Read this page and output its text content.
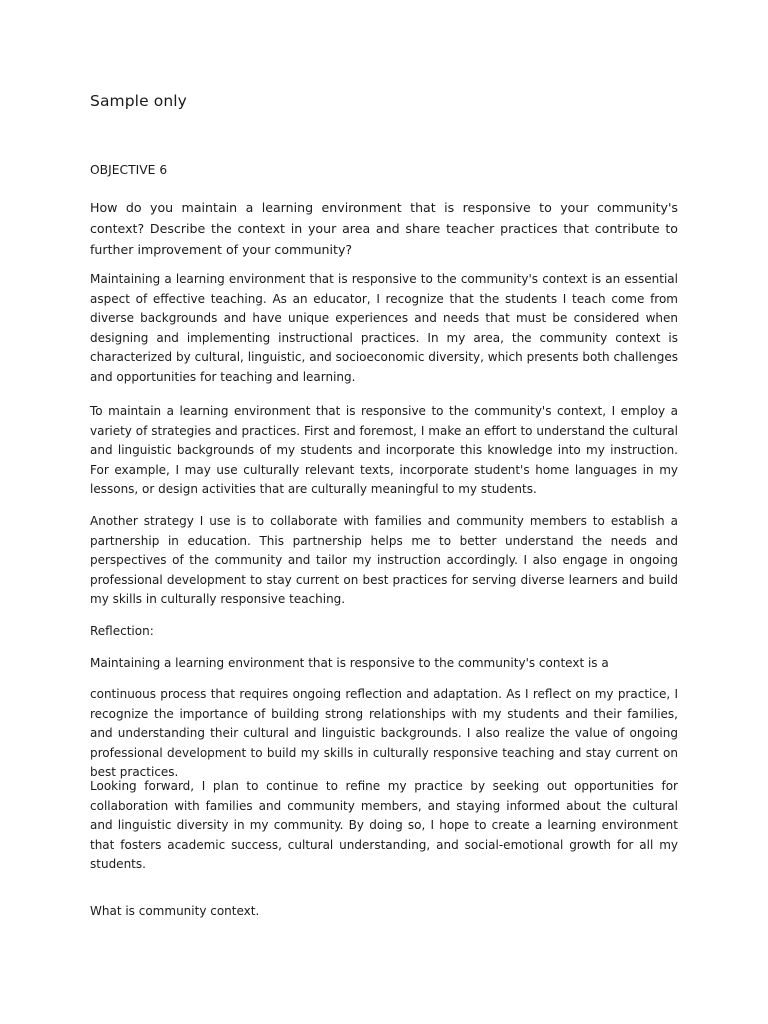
Sample only
OBJECTIVE 6
How do you maintain a learning environment that is responsive to your community's context? Describe the context in your area and share teacher practices that contribute to further improvement of your community?

Maintaining a learning environment that is responsive to the community's context is an essential aspect of effective teaching. As an educator, I recognize that the students I teach come from diverse backgrounds and have unique experiences and needs that must be considered when designing and implementing instructional practices. In my area, the community context is characterized by cultural, linguistic, and socioeconomic diversity, which presents both challenges and opportunities for teaching and learning.

To maintain a learning environment that is responsive to the community's context, I employ a variety of strategies and practices. First and foremost, I make an effort to understand the cultural and linguistic backgrounds of my students and incorporate this knowledge into my instruction. For example, I may use culturally relevant texts, incorporate student's home languages in my lessons, or design activities that are culturally meaningful to my students.

Another strategy I use is to collaborate with families and community members to establish a partnership in education. This partnership helps me to better understand the needs and perspectives of the community and tailor my instruction accordingly. I also engage in ongoing professional development to stay current on best practices for serving diverse learners and build my skills in culturally responsive teaching.

Reflection:

Maintaining a learning environment that is responsive to the community's context is a

continuous process that requires ongoing reflection and adaptation. As I reflect on my practice, I recognize the importance of building strong relationships with my students and their families, and understanding their cultural and linguistic backgrounds. I also realize the value of ongoing professional development to build my skills in culturally responsive teaching and stay current on best practices.

Looking forward, I plan to continue to refine my practice by seeking out opportunities for collaboration with families and community members, and staying informed about the cultural and linguistic diversity in my community. By doing so, I hope to create a learning environment that fosters academic success, cultural understanding, and social-emotional growth for all my students.

What is community context.
